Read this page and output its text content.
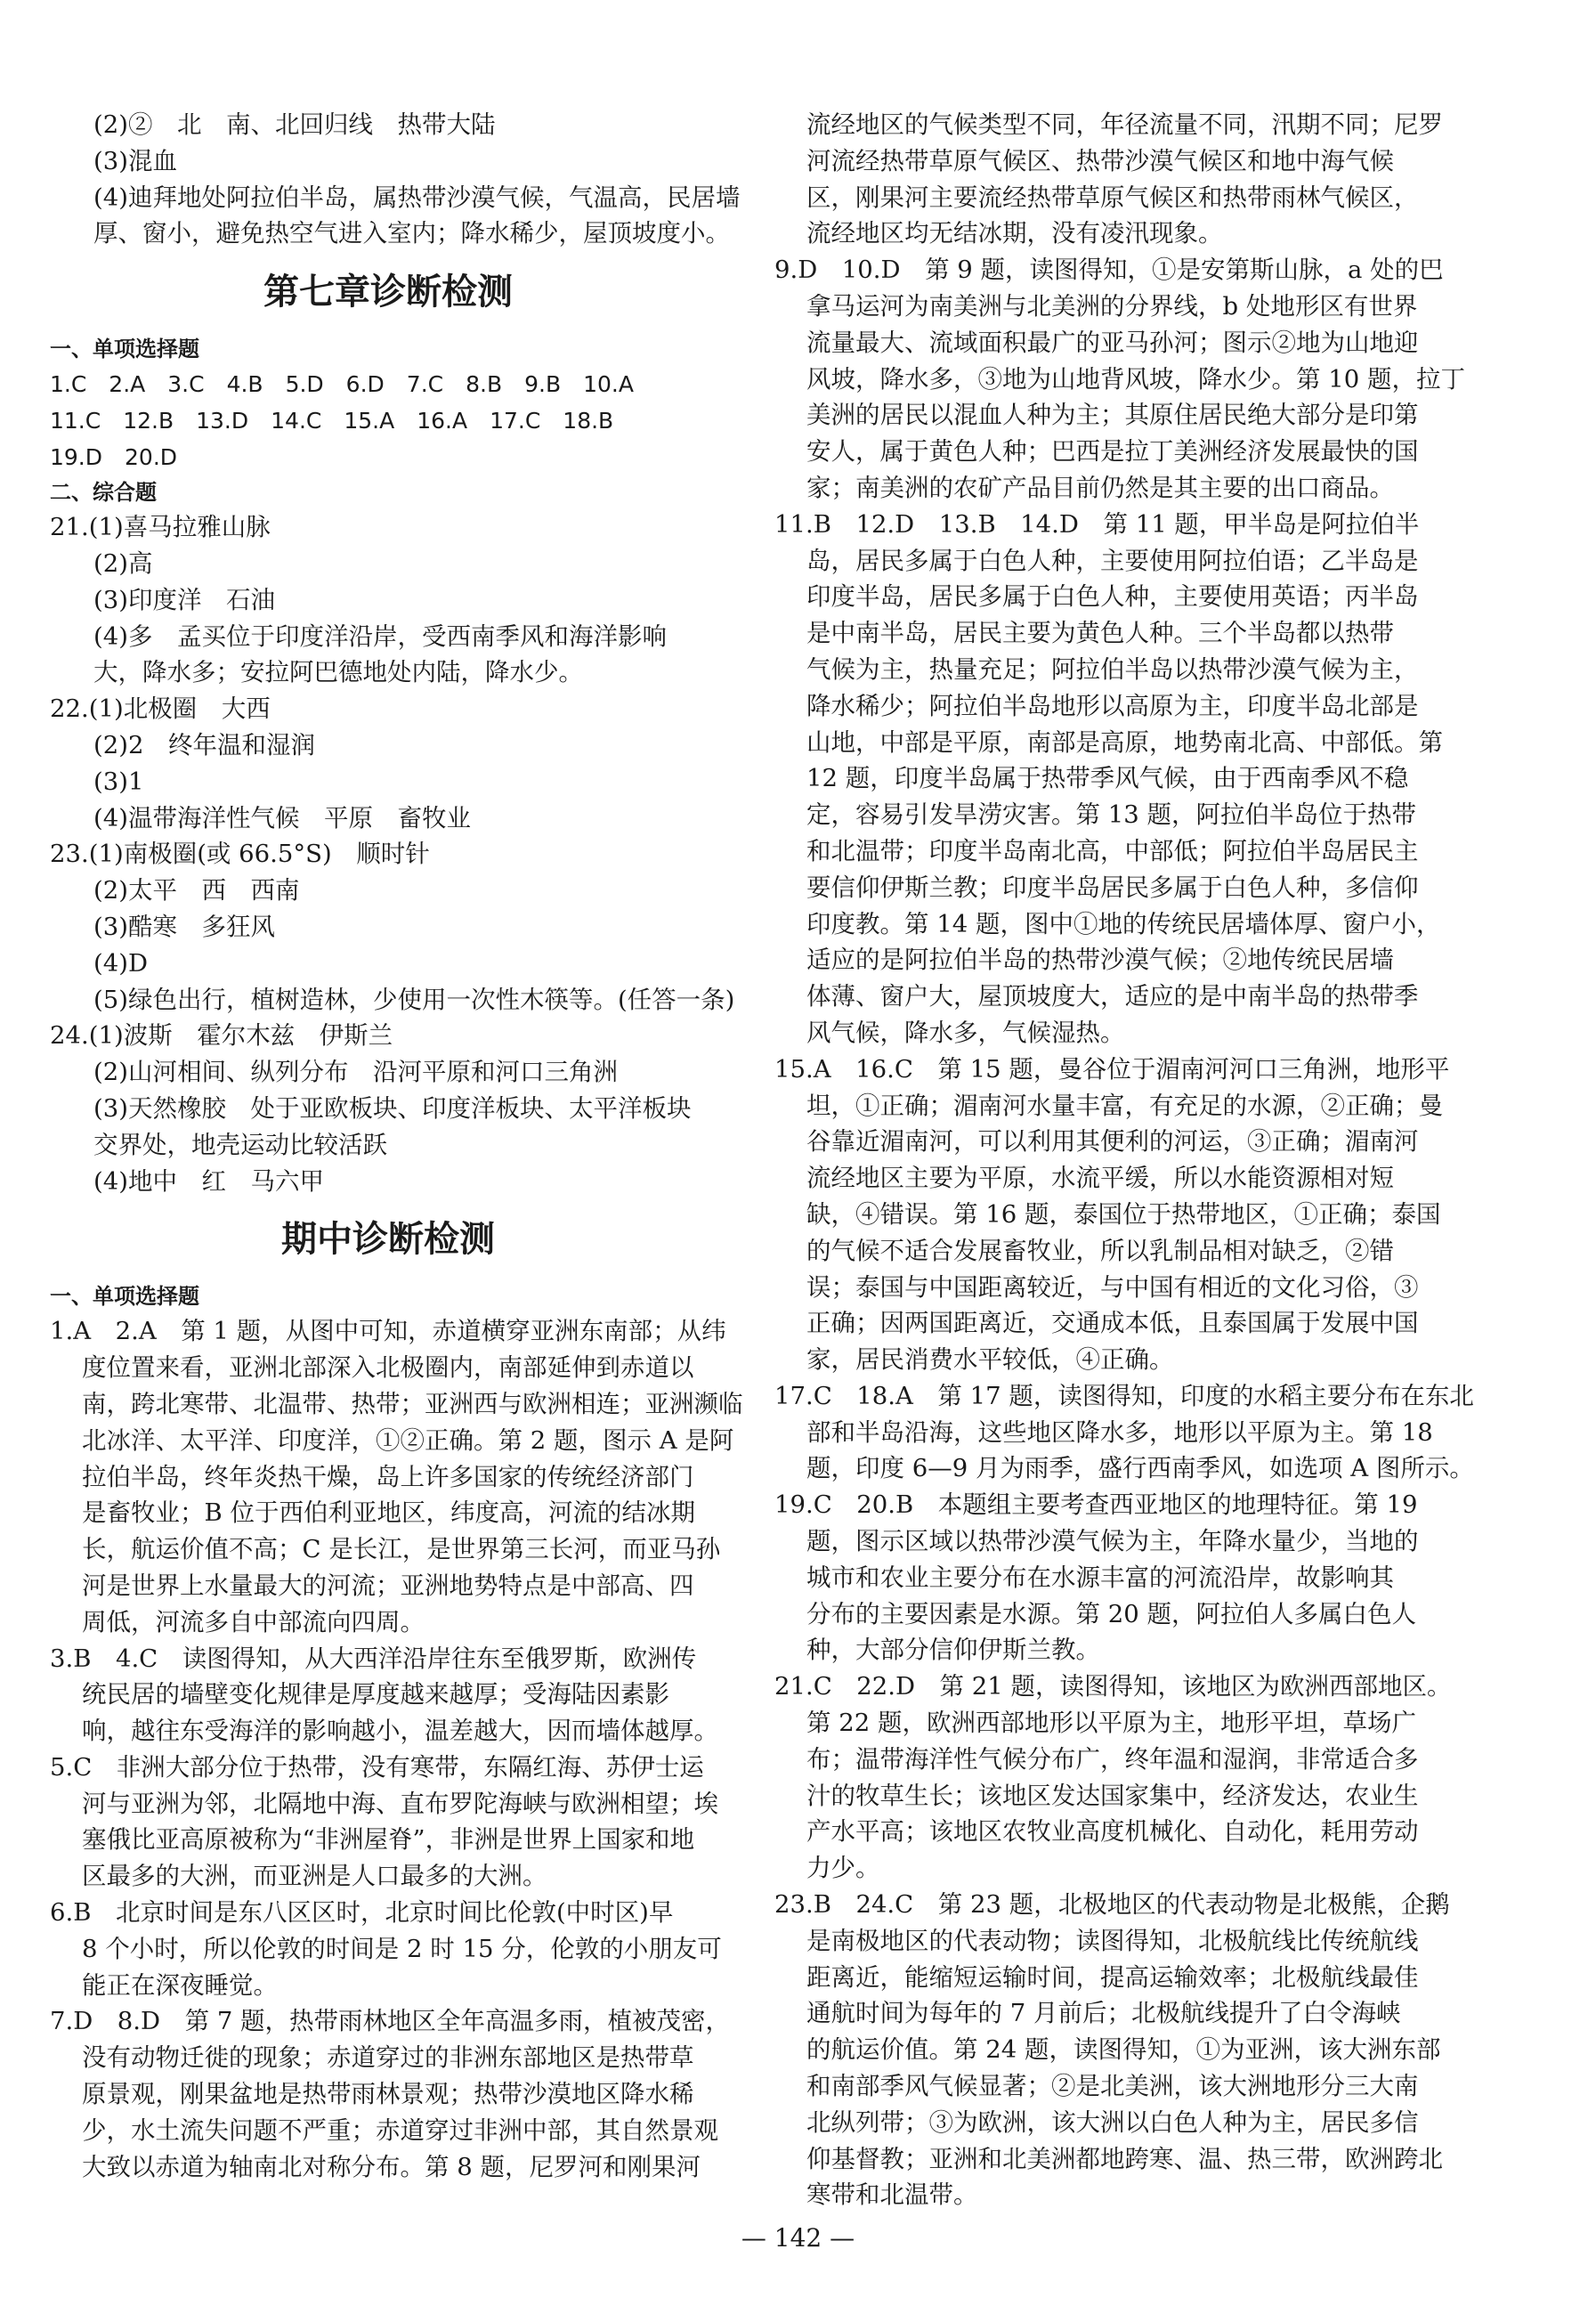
(2)②　北　南、北回归线　热带大陆
(3)混血
(4)迪拜地处阿拉伯半岛，属热带沙漠气候，气温高，民居墙
厚、窗小，避免热空气进入室内；降水稀少，屋顶坡度小。
第七章诊断检测
一、单项选择题
1.C　2.A　3.C　4.B　5.D　6.D　7.C　8.B　9.B　10.A
11.C　12.B　13.D　14.C　15.A　16.A　17.C　18.B
19.D　20.D
二、综合题
21.(1)喜马拉雅山脉
(2)高
(3)印度洋　石油
(4)多　孟买位于印度洋沿岸，受西南季风和海洋影响
大，降水多；安拉阿巴德地处内陆，降水少。
22.(1)北极圈　大西
(2)2　终年温和湿润
(3)1
(4)温带海洋性气候　平原　畜牧业
23.(1)南极圈(或 66.5°S)　顺时针
(2)太平　西　西南
(3)酷寒　多狂风
(4)D
(5)绿色出行，植树造林，少使用一次性木筷等。(任答一条)
24.(1)波斯　霍尔木兹　伊斯兰
(2)山河相间、纵列分布　沿河平原和河口三角洲
(3)天然橡胶　处于亚欧板块、印度洋板块、太平洋板块
交界处，地壳运动比较活跃
(4)地中　红　马六甲
期中诊断检测
一、单项选择题
1.A　2.A　第 1 题，从图中可知，赤道横穿亚洲东南部；从纬
度位置来看，亚洲北部深入北极圈内，南部延伸到赤道以
南，跨北寒带、北温带、热带；亚洲西与欧洲相连；亚洲濒临
北冰洋、太平洋、印度洋，①②正确。第 2 题，图示 A 是阿
拉伯半岛，终年炎热干燥，岛上许多国家的传统经济部门
是畜牧业；B 位于西伯利亚地区，纬度高，河流的结冰期
长，航运价值不高；C 是长江，是世界第三长河，而亚马孙
河是世界上水量最大的河流；亚洲地势特点是中部高、四
周低，河流多自中部流向四周。
3.B　4.C　读图得知，从大西洋沿岸往东至俄罗斯，欧洲传
统民居的墙壁变化规律是厚度越来越厚；受海陆因素影
响，越往东受海洋的影响越小，温差越大，因而墙体越厚。
5.C　非洲大部分位于热带，没有寒带，东隔红海、苏伊士运
河与亚洲为邻，北隔地中海、直布罗陀海峡与欧洲相望；埃
塞俄比亚高原被称为“非洲屋脊”，非洲是世界上国家和地
区最多的大洲，而亚洲是人口最多的大洲。
6.B　北京时间是东八区区时，北京时间比伦敦(中时区)早
8 个小时，所以伦敦的时间是 2 时 15 分，伦敦的小朋友可
能正在深夜睡觉。
7.D　8.D　第 7 题，热带雨林地区全年高温多雨，植被茂密，
没有动物迁徙的现象；赤道穿过的非洲东部地区是热带草
原景观，刚果盆地是热带雨林景观；热带沙漠地区降水稀
少，水土流失问题不严重；赤道穿过非洲中部，其自然景观
大致以赤道为轴南北对称分布。第 8 题，尼罗河和刚果河
流经地区的气候类型不同，年径流量不同，汛期不同；尼罗
河流经热带草原气候区、热带沙漠气候区和地中海气候
区，刚果河主要流经热带草原气候区和热带雨林气候区，
流经地区均无结冰期，没有凌汛现象。
9.D　10.D　第 9 题，读图得知，①是安第斯山脉，a 处的巴
拿马运河为南美洲与北美洲的分界线，b 处地形区有世界
流量最大、流域面积最广的亚马孙河；图示②地为山地迎
风坡，降水多，③地为山地背风坡，降水少。第 10 题，拉丁
美洲的居民以混血人种为主；其原住居民绝大部分是印第
安人，属于黄色人种；巴西是拉丁美洲经济发展最快的国
家；南美洲的农矿产品目前仍然是其主要的出口商品。
11.B　12.D　13.B　14.D　第 11 题，甲半岛是阿拉伯半
岛，居民多属于白色人种，主要使用阿拉伯语；乙半岛是
印度半岛，居民多属于白色人种，主要使用英语；丙半岛
是中南半岛，居民主要为黄色人种。三个半岛都以热带
气候为主，热量充足；阿拉伯半岛以热带沙漠气候为主，
降水稀少；阿拉伯半岛地形以高原为主，印度半岛北部是
山地，中部是平原，南部是高原，地势南北高、中部低。第
12 题，印度半岛属于热带季风气候，由于西南季风不稳
定，容易引发旱涝灾害。第 13 题，阿拉伯半岛位于热带
和北温带；印度半岛南北高，中部低；阿拉伯半岛居民主
要信仰伊斯兰教；印度半岛居民多属于白色人种，多信仰
印度教。第 14 题，图中①地的传统民居墙体厚、窗户小，
适应的是阿拉伯半岛的热带沙漠气候；②地传统民居墙
体薄、窗户大，屋顶坡度大，适应的是中南半岛的热带季
风气候，降水多，气候湿热。
15.A　16.C　第 15 题，曼谷位于湄南河河口三角洲，地形平
坦，①正确；湄南河水量丰富，有充足的水源，②正确；曼
谷靠近湄南河，可以利用其便利的河运，③正确；湄南河
流经地区主要为平原，水流平缓，所以水能资源相对短
缺，④错误。第 16 题，泰国位于热带地区，①正确；泰国
的气候不适合发展畜牧业，所以乳制品相对缺乏，②错
误；泰国与中国距离较近，与中国有相近的文化习俗，③
正确；因两国距离近，交通成本低，且泰国属于发展中国
家，居民消费水平较低，④正确。
17.C　18.A　第 17 题，读图得知，印度的水稻主要分布在东北
部和半岛沿海，这些地区降水多，地形以平原为主。第 18
题，印度 6—9 月为雨季，盛行西南季风，如选项 A 图所示。
19.C　20.B　本题组主要考查西亚地区的地理特征。第 19
题，图示区域以热带沙漠气候为主，年降水量少，当地的
城市和农业主要分布在水源丰富的河流沿岸，故影响其
分布的主要因素是水源。第 20 题，阿拉伯人多属白色人
种，大部分信仰伊斯兰教。
21.C　22.D　第 21 题，读图得知，该地区为欧洲西部地区。
第 22 题，欧洲西部地形以平原为主，地形平坦，草场广
布；温带海洋性气候分布广，终年温和湿润，非常适合多
汁的牧草生长；该地区发达国家集中，经济发达，农业生
产水平高；该地区农牧业高度机械化、自动化，耗用劳动
力少。
23.B　24.C　第 23 题，北极地区的代表动物是北极熊，企鹅
是南极地区的代表动物；读图得知，北极航线比传统航线
距离近，能缩短运输时间，提高运输效率；北极航线最佳
通航时间为每年的 7 月前后；北极航线提升了白令海峡
的航运价值。第 24 题，读图得知，①为亚洲，该大洲东部
和南部季风气候显著；②是北美洲，该大洲地形分三大南
北纵列带；③为欧洲，该大洲以白色人种为主，居民多信
仰基督教；亚洲和北美洲都地跨寒、温、热三带，欧洲跨北
寒带和北温带。
— 142 —
